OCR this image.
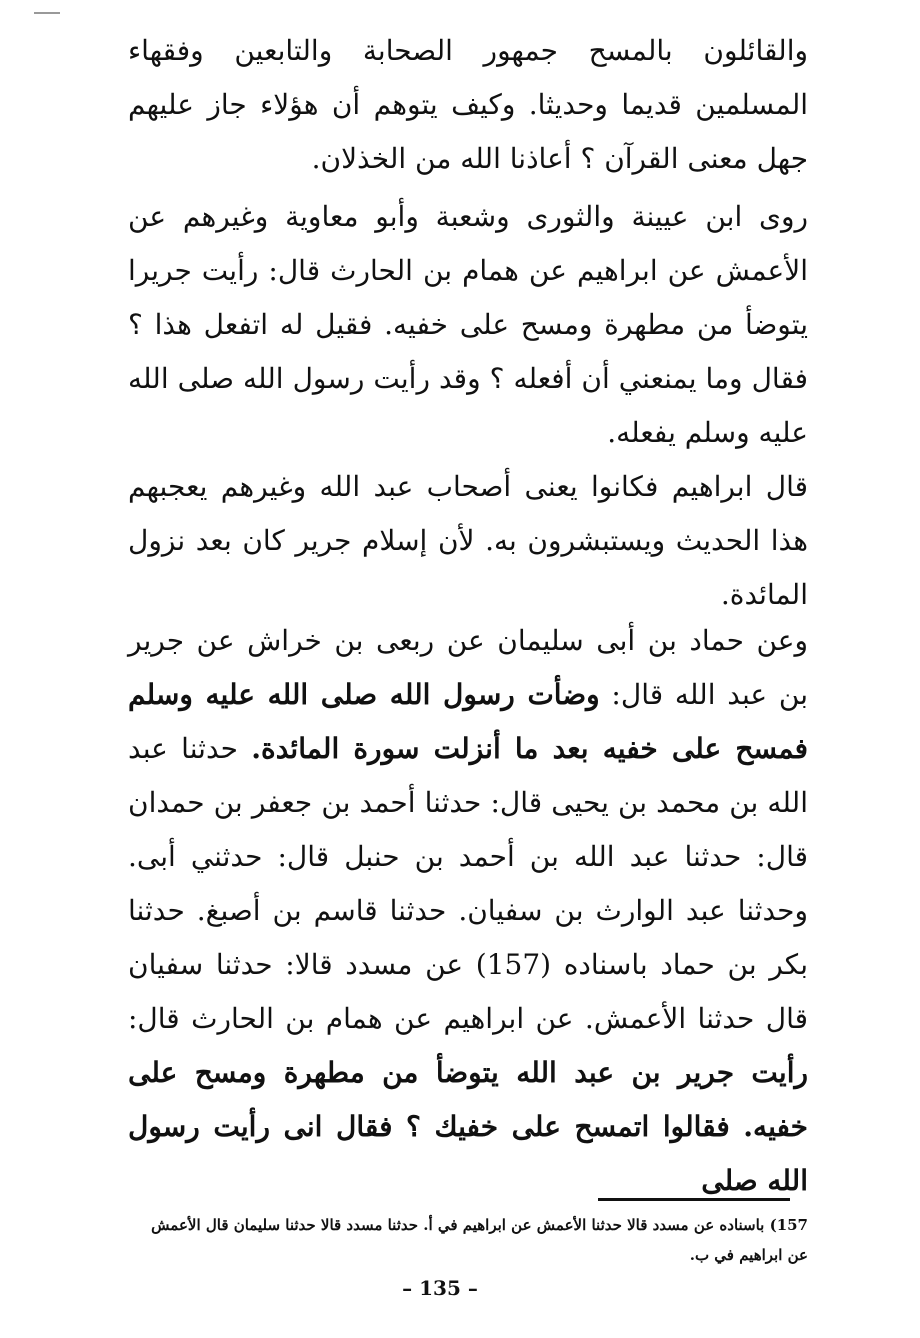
والقائلون بالمسح جمهور الصحابة والتابعين وفقهاء المسلمين قديما وحديثا. وكيف يتوهم أن هؤلاء جاز عليهم جهل معنى القرآن ؟ أعاذنا الله من الخذلان.

روى ابن عيينة والثورى وشعبة وأبو معاوية وغيرهم عن الأعمش عن ابراهيم عن همام بن الحارث قال: رأيت جريرا يتوضأ من مطهرة ومسح على خفيه. فقيل له اتفعل هذا ؟ فقال وما يمنعني أن أفعله ؟ وقد رأيت رسول الله صلى الله عليه وسلم يفعله.

قال ابراهيم فكانوا يعنى أصحاب عبد الله وغيرهم يعجبهم هذا الحديث ويستبشرون به. لأن إسلام جرير كان بعد نزول المائدة.

وعن حماد بن أبى سليمان عن ربعى بن خراش عن جرير بن عبد الله قال: وضأت رسول الله صلى الله عليه وسلم فمسح على خفيه بعد ما أنزلت سورة المائدة. حدثنا عبد الله بن محمد بن يحيى قال: حدثنا أحمد بن جعفر بن حمدان قال: حدثنا عبد الله بن أحمد بن حنبل قال: حدثني أبى. وحدثنا عبد الوارث بن سفيان. حدثنا قاسم بن أصبغ. حدثنا بكر بن حماد باسناده (157) عن مسدد قالا: حدثنا سفيان قال حدثنا الأعمش. عن ابراهيم عن همام بن الحارث قال: رأيت جرير بن عبد الله يتوضأ من مطهرة ومسح على خفيه. فقالوا اتمسح على خفيك ؟ فقال انى رأيت رسول الله صلى

157) باسناده عن مسدد قالا حدثنا الأعمش عن ابراهيم في أ. حدثنا مسدد قالا حدثنا سليمان قال الأعمش عن ابراهيم في ب.

– 135 –
